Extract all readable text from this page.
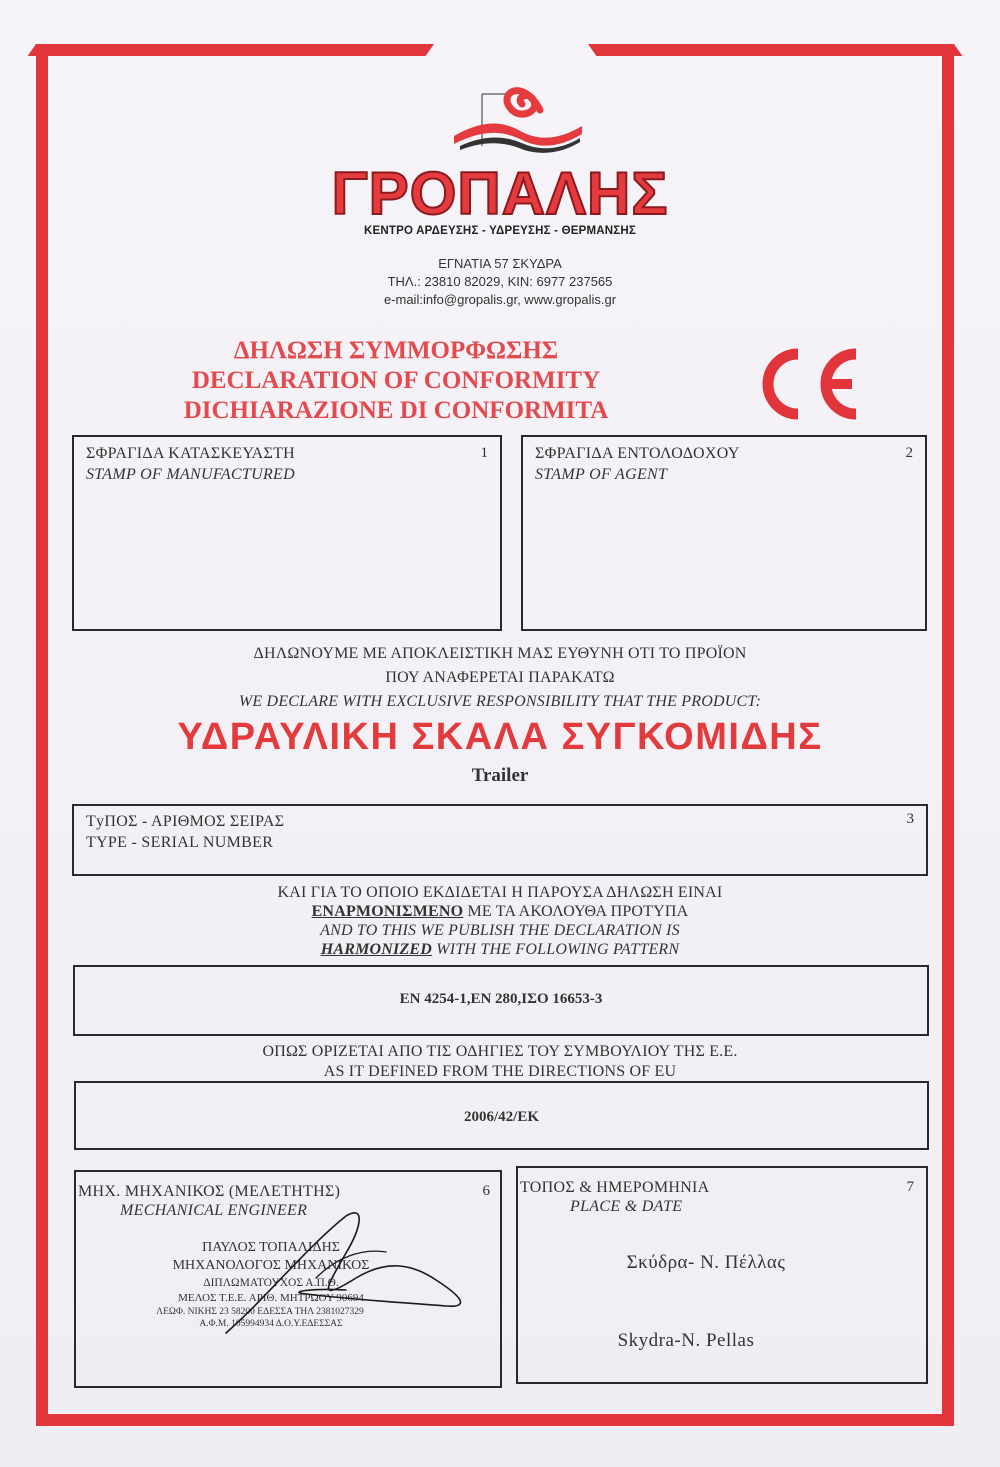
ΓΡΟΠΑΛΗΣ
ΚΕΝΤΡΟ ΑΡΔΕΥΣΗΣ - ΥΔΡΕΥΣΗΣ - ΘΕΡΜΑΝΣΗΣ
ΕΓΝΑΤΙΑ 57 ΣΚΥΔΡΑ
ΤΗΛ.: 23810 82029, ΚΙΝ: 6977 237565
e-mail:info@gropalis.gr, www.gropalis.gr
ΔΗΛΩΣΗ ΣΥΜΜΟΡΦΩΣΗΣ
DECLARATION OF CONFORMITY
DICHIARAZIONE DI CONFORMITA
ΣΦΡΑΓΙΔΑ ΚΑΤΑΣΚΕΥΑΣΤΗ
STAMP OF MANUFACTURED
1	ΣΦΡΑΓΙΔΑ ΕΝΤΟΛΟΔΟΧΟΥ
STAMP OF AGENT
2
ΔΗΛΩΝΟΥΜΕ ΜΕ ΑΠΟΚΛΕΙΣΤΙΚΗ ΜΑΣ ΕΥΘΥΝΗ ΟΤΙ ΤΟ ΠΡΟΪΟΝ
ΠΟΥ ΑΝΑΦΕΡΕΤΑΙ ΠΑΡΑΚΑΤΩ
WE DECLARE WITH EXCLUSIVE RESPONSIBILITY THAT THE PRODUCT:
ΥΔΡΑΥΛΙΚΗ ΣΚΑΛΑ ΣΥΓΚΟΜΙΔΗΣ
Trailer
ΤyΠΟΣ - ΑΡΙΘΜΟΣ ΣΕΙΡΑΣ
TYPE - SERIAL NUMBER
3
ΚΑΙ ΓΙΑ ΤΟ ΟΠΟΙΟ ΕΚΔΙΔΕΤΑΙ Η ΠΑΡΟΥΣΑ ΔΗΛΩΣΗ ΕΙΝΑΙ
ΕΝΑΡΜΟΝΙΣΜΕΝΟ ΜΕ ΤΑ ΑΚΟΛΟΥΘΑ ΠΡΟΤΥΠΑ
AND TO THIS WE PUBLISH THE DECLARATION IS
HARMONIZED WITH THE FOLLOWING PATTERN
EN 4254-1,EN 280,ΙΣΟ 16653-3
ΟΠΩΣ ΟΡΙΖΕΤΑΙ ΑΠΟ ΤΙΣ ΟΔΗΓΙΕΣ ΤΟΥ ΣΥΜΒΟΥΛΙΟΥ ΤΗΣ Ε.Ε.
AS IT DEFINED FROM THE DIRECTIONS OF EU
2006/42/EK
ΜΗΧ. ΜΗΧΑΝΙΚΟΣ (ΜΕΛΕΤΗΤΗΣ)
MECHANICAL ENGINEER
6
ΠΑΥΛΟΣ ΤΟΠΑΛΙΔΗΣ
ΜΗΧΑΝΟΛΟΓΟΣ ΜΗΧΑΝΙΚΟΣ
ΔΙΠΛΩΜΑΤΟΥΧΟΣ Α.Π.Θ.
ΜΕΛΟΣ Τ.Ε.Ε. ΑΡΙΘ. ΜΗΤΡΩΟΥ 90694
ΛΕΩΦ. ΝΙΚΗΣ 23 58200 ΕΔΕΣΣΑ ΤΗΛ 2381027329
Α.Φ.Μ. 105994934 Δ.Ο.Υ.ΕΔΕΣΣΑΣ
ΤΟΠΟΣ & ΗΜΕΡΟΜΗΝΙΑ
PLACE & DATE
7
Σκύδρα- Ν. Πέλλας
Skydra-N. Pellas
